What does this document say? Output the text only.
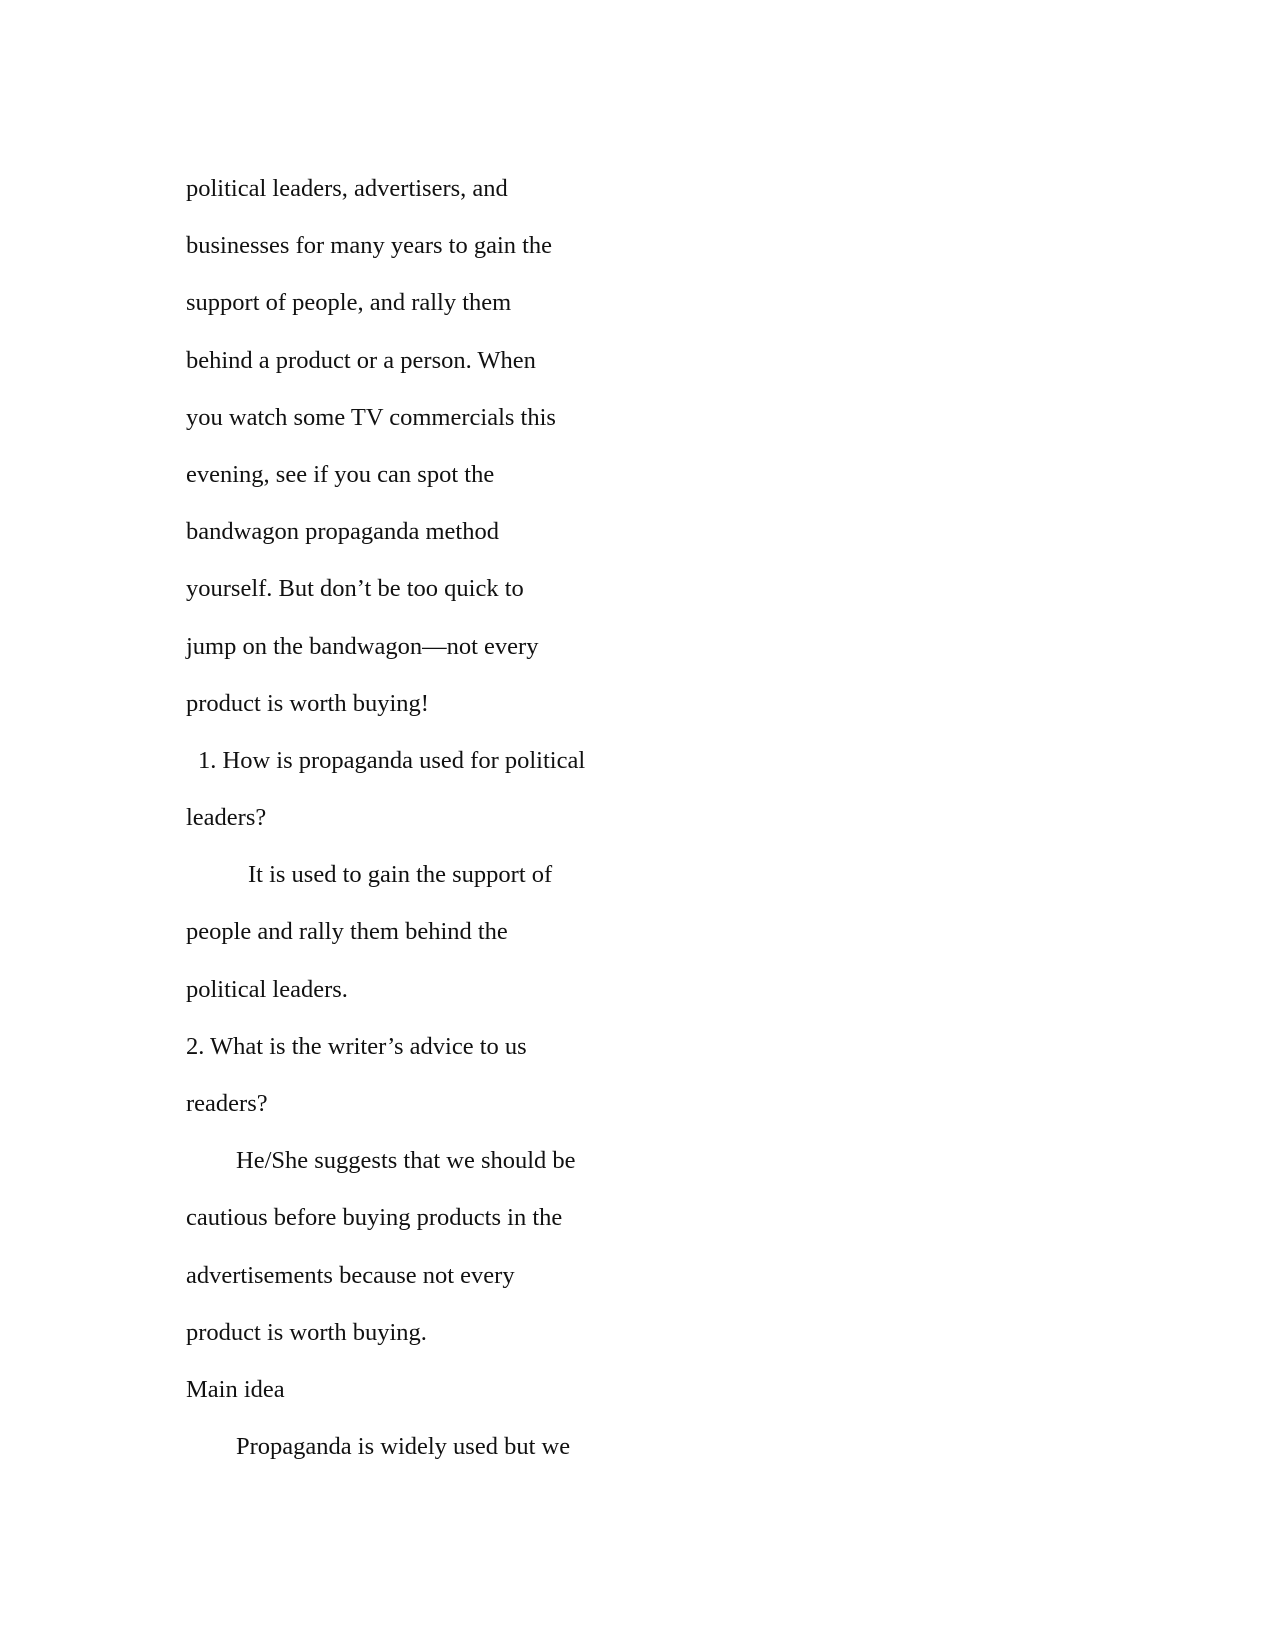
political leaders, advertisers, and
businesses for many years to gain the
support of people, and rally them
behind a product or a person. When
you watch some TV commercials this
evening, see if you can spot the
bandwagon propaganda method
yourself. But don’t be too quick to
jump on the bandwagon—not every
product is worth buying!
1. How is propaganda used for political
leaders?
It is used to gain the support of
people and rally them behind the
political leaders.
2. What is the writer’s advice to us
readers?
He/She suggests that we should be
cautious before buying products in the
advertisements because not every
product is worth buying.
Main idea
Propaganda is widely used but we
